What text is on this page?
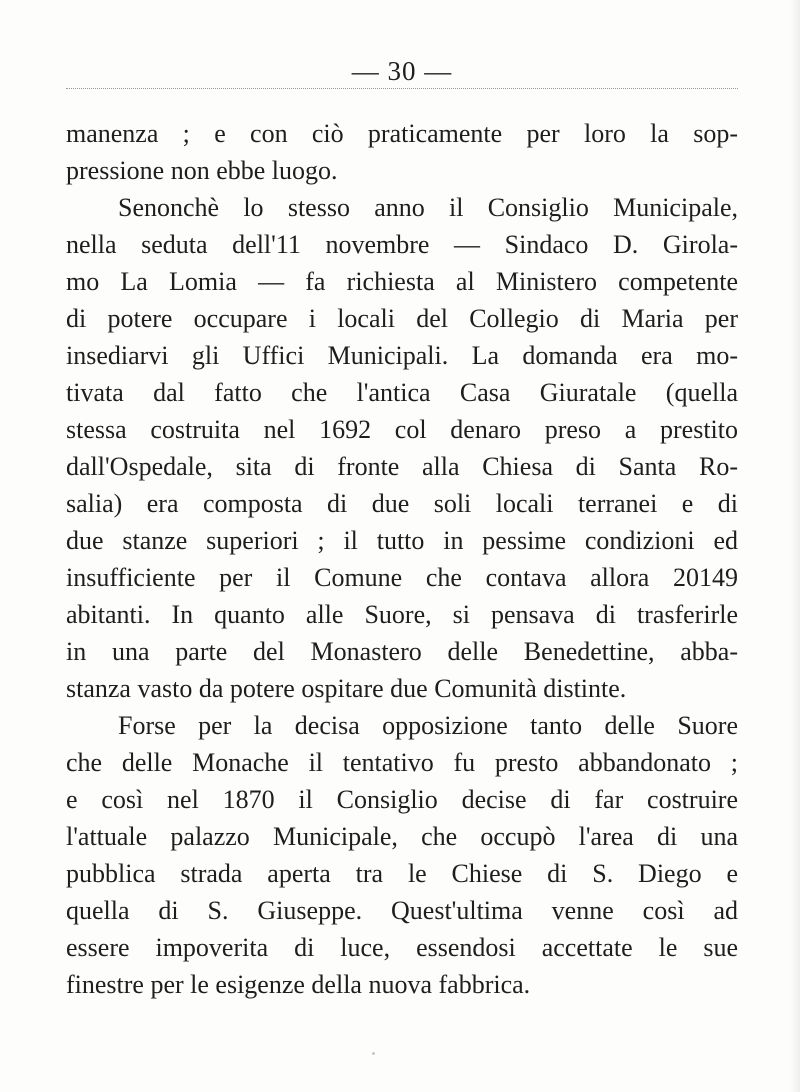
— 30 —
manenza ; e con ciò praticamente per loro la sop-
pressione non ebbe luogo.
Senonchè lo stesso anno il Consiglio Municipale,
nella seduta dell'11 novembre — Sindaco D. Girola-
mo La Lomia — fa richiesta al Ministero competente
di potere occupare i locali del Collegio di Maria per
insediarvi gli Uffici Municipali. La domanda era mo-
tivata dal fatto che l'antica Casa Giuratale (quella
stessa costruita nel 1692 col denaro preso a prestito
dall'Ospedale, sita di fronte alla Chiesa di Santa Ro-
salia) era composta di due soli locali terranei e di
due stanze superiori ; il tutto in pessime condizioni ed
insufficiente per il Comune che contava allora 20149
abitanti. In quanto alle Suore, si pensava di trasferirle
in una parte del Monastero delle Benedettine, abba-
stanza vasto da potere ospitare due Comunità distinte.
Forse per la decisa opposizione tanto delle Suore
che delle Monache il tentativo fu presto abbandonato ;
e così nel 1870 il Consiglio decise di far costruire
l'attuale palazzo Municipale, che occupò l'area di una
pubblica strada aperta tra le Chiese di S. Diego e
quella di S. Giuseppe. Quest'ultima venne così ad
essere impoverita di luce, essendosi accettate le sue
finestre per le esigenze della nuova fabbrica.
